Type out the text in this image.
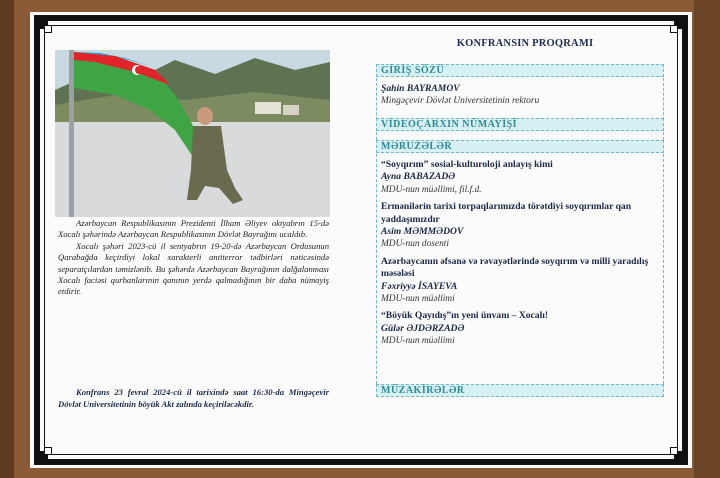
Azərbaycan Respublikasının Prezidenti İlham Əliyev oktyabrın 15-də Xocalı şəhərində Azərbaycan Respublikasının Dövlət Bayrağını ucaldıb.

Xocalı şəhəri 2023-cü il sentyabrın 19-20-də Azərbaycan Ordusunun Qarabağda keçirdiyi lokal xarakterli antiterror tədbirləri nəticəsində separatçılardan təmizlənib. Bu şəhərdə Azərbaycan Bayrağının dalğalanması Xocalı faciəsi qurbanlarının qanının yerdə qalmadığının bir daha nümayiş etdirir.

Konfrans 23 fevral 2024-cü il tarixində saat 16:30-da Mingəçevir Dövlət Universitetinin böyük Akt zalında keçiriləcəkdir.
KONFRANSIN PROQRAMI
GİRİŞ SÖZÜ

Şahin BAYRAMOV

Mingəçevir Dövlət Universitetinin rektoru

VİDEOÇARXIN NÜMAYİŞİ
MƏRUZƏLƏR

“Soyqırım” sosial-kulturoloji anlayış kimi

Ayna BABAZADƏ

MDU-nun müəllimi, fil.f.d.

Ermənilərin tarixi torpaqlarımızda törətdiyi soyqırımlar qan yaddaşımızdır

Asim MƏMMƏDOV

MDU-nun dosenti

Azərbaycanın əfsanə və rəvayətlərində soyqırım və milli yaradılış məsələsi

Fəxriyyə İSAYEVA

MDU-nun müəllimi

“Böyük Qayıdış”ın yeni ünvanı – Xocalı!

Gülər ƏJDƏRZADƏ

MDU-nun müəllimi

MÜZAKİRƏLƏR
